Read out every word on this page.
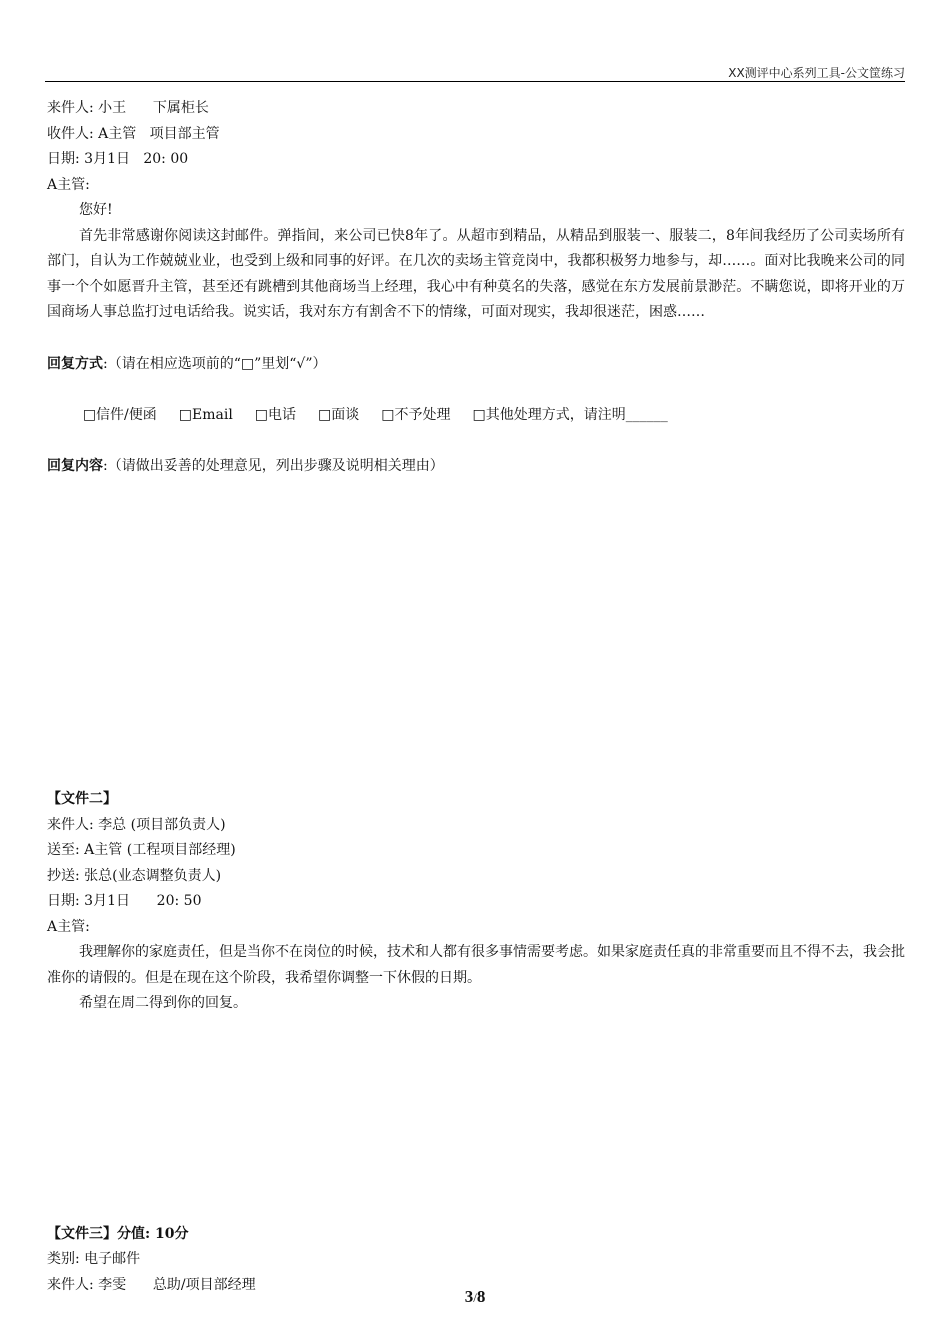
XX测评中心系列工具-公文筐练习
来件人: 小王      下属柜长
收件人: A主管   项目部主管
日期: 3月1日   20: 00
A主管:
您好!
首先非常感谢你阅读这封邮件。弹指间，来公司已快8年了。从超市到精品，从精品到服装一、服装二，8年间我经历了公司卖场所有部门，自认为工作兢兢业业，也受到上级和同事的好评。在几次的卖场主管竞岗中，我都积极努力地参与，却……。面对比我晚来公司的同事一个个如愿晋升主管，甚至还有跳槽到其他商场当上经理，我心中有种莫名的失落，感觉在东方发展前景渺茫。不瞒您说，即将开业的万国商场人事总监打过电话给我。说实话，我对东方有割舍不下的情缘，可面对现实，我却很迷茫，困惑……
回复方式:（请在相应选项前的“□”里划“√”）

□信件/便函 □Email □电话 □面谈 □不予处理 □其他处理方式，请注明______

回复内容:（请做出妥善的处理意见，列出步骤及说明相关理由）
【文件二】
来件人: 李总 (项目部负责人)
送至: A主管 (工程项目部经理)
抄送: 张总(业态调整负责人)
日期: 3月1日      20: 50
A主管:
我理解你的家庭责任，但是当你不在岗位的时候，技术和人都有很多事情需要考虑。如果家庭责任真的非常重要而且不得不去，我会批准你的请假的。但是在现在这个阶段，我希望你调整一下休假的日期。
希望在周二得到你的回复。
【文件三】分值: 10分
类别: 电子邮件
来件人: 李雯      总助/项目部经理
3/8
